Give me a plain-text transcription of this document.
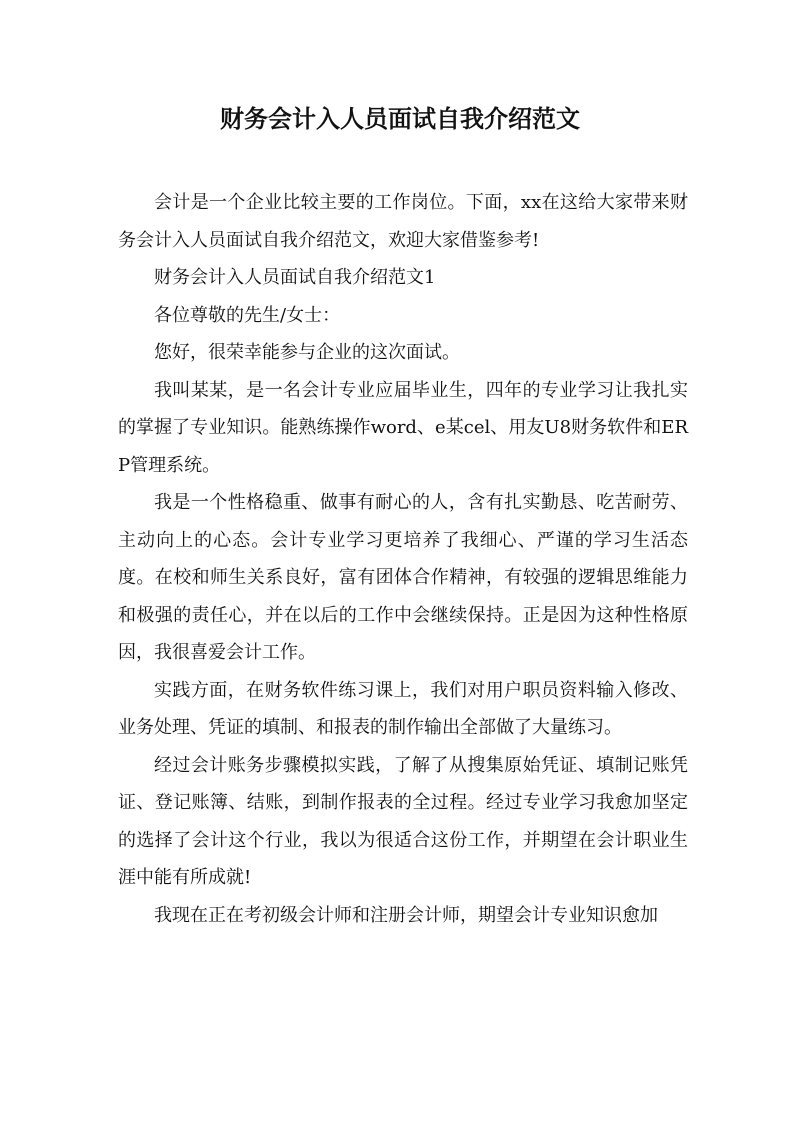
财务会计入人员面试自我介绍范文

会计是一个企业比较主要的工作岗位。下面，xx在这给大家带来财务会计入人员面试自我介绍范文，欢迎大家借鉴参考!

财务会计入人员面试自我介绍范文1

各位尊敬的先生/女士：

您好，很荣幸能参与企业的这次面试。

我叫某某，是一名会计专业应届毕业生，四年的专业学习让我扎实的掌握了专业知识。能熟练操作word、e某cel、用友U8财务软件和ERP管理系统。

我是一个性格稳重、做事有耐心的人，含有扎实勤恳、吃苦耐劳、主动向上的心态。会计专业学习更培养了我细心、严谨的学习生活态度。在校和师生关系良好，富有团体合作精神，有较强的逻辑思维能力和极强的责任心，并在以后的工作中会继续保持。正是因为这种性格原因，我很喜爱会计工作。

实践方面，在财务软件练习课上，我们对用户职员资料输入修改、业务处理、凭证的填制、和报表的制作输出全部做了大量练习。

经过会计账务步骤模拟实践，了解了从搜集原始凭证、填制记账凭证、登记账簿、结账，到制作报表的全过程。经过专业学习我愈加坚定的选择了会计这个行业，我以为很适合这份工作，并期望在会计职业生涯中能有所成就!

我现在正在考初级会计师和注册会计师，期望会计专业知识愈加
